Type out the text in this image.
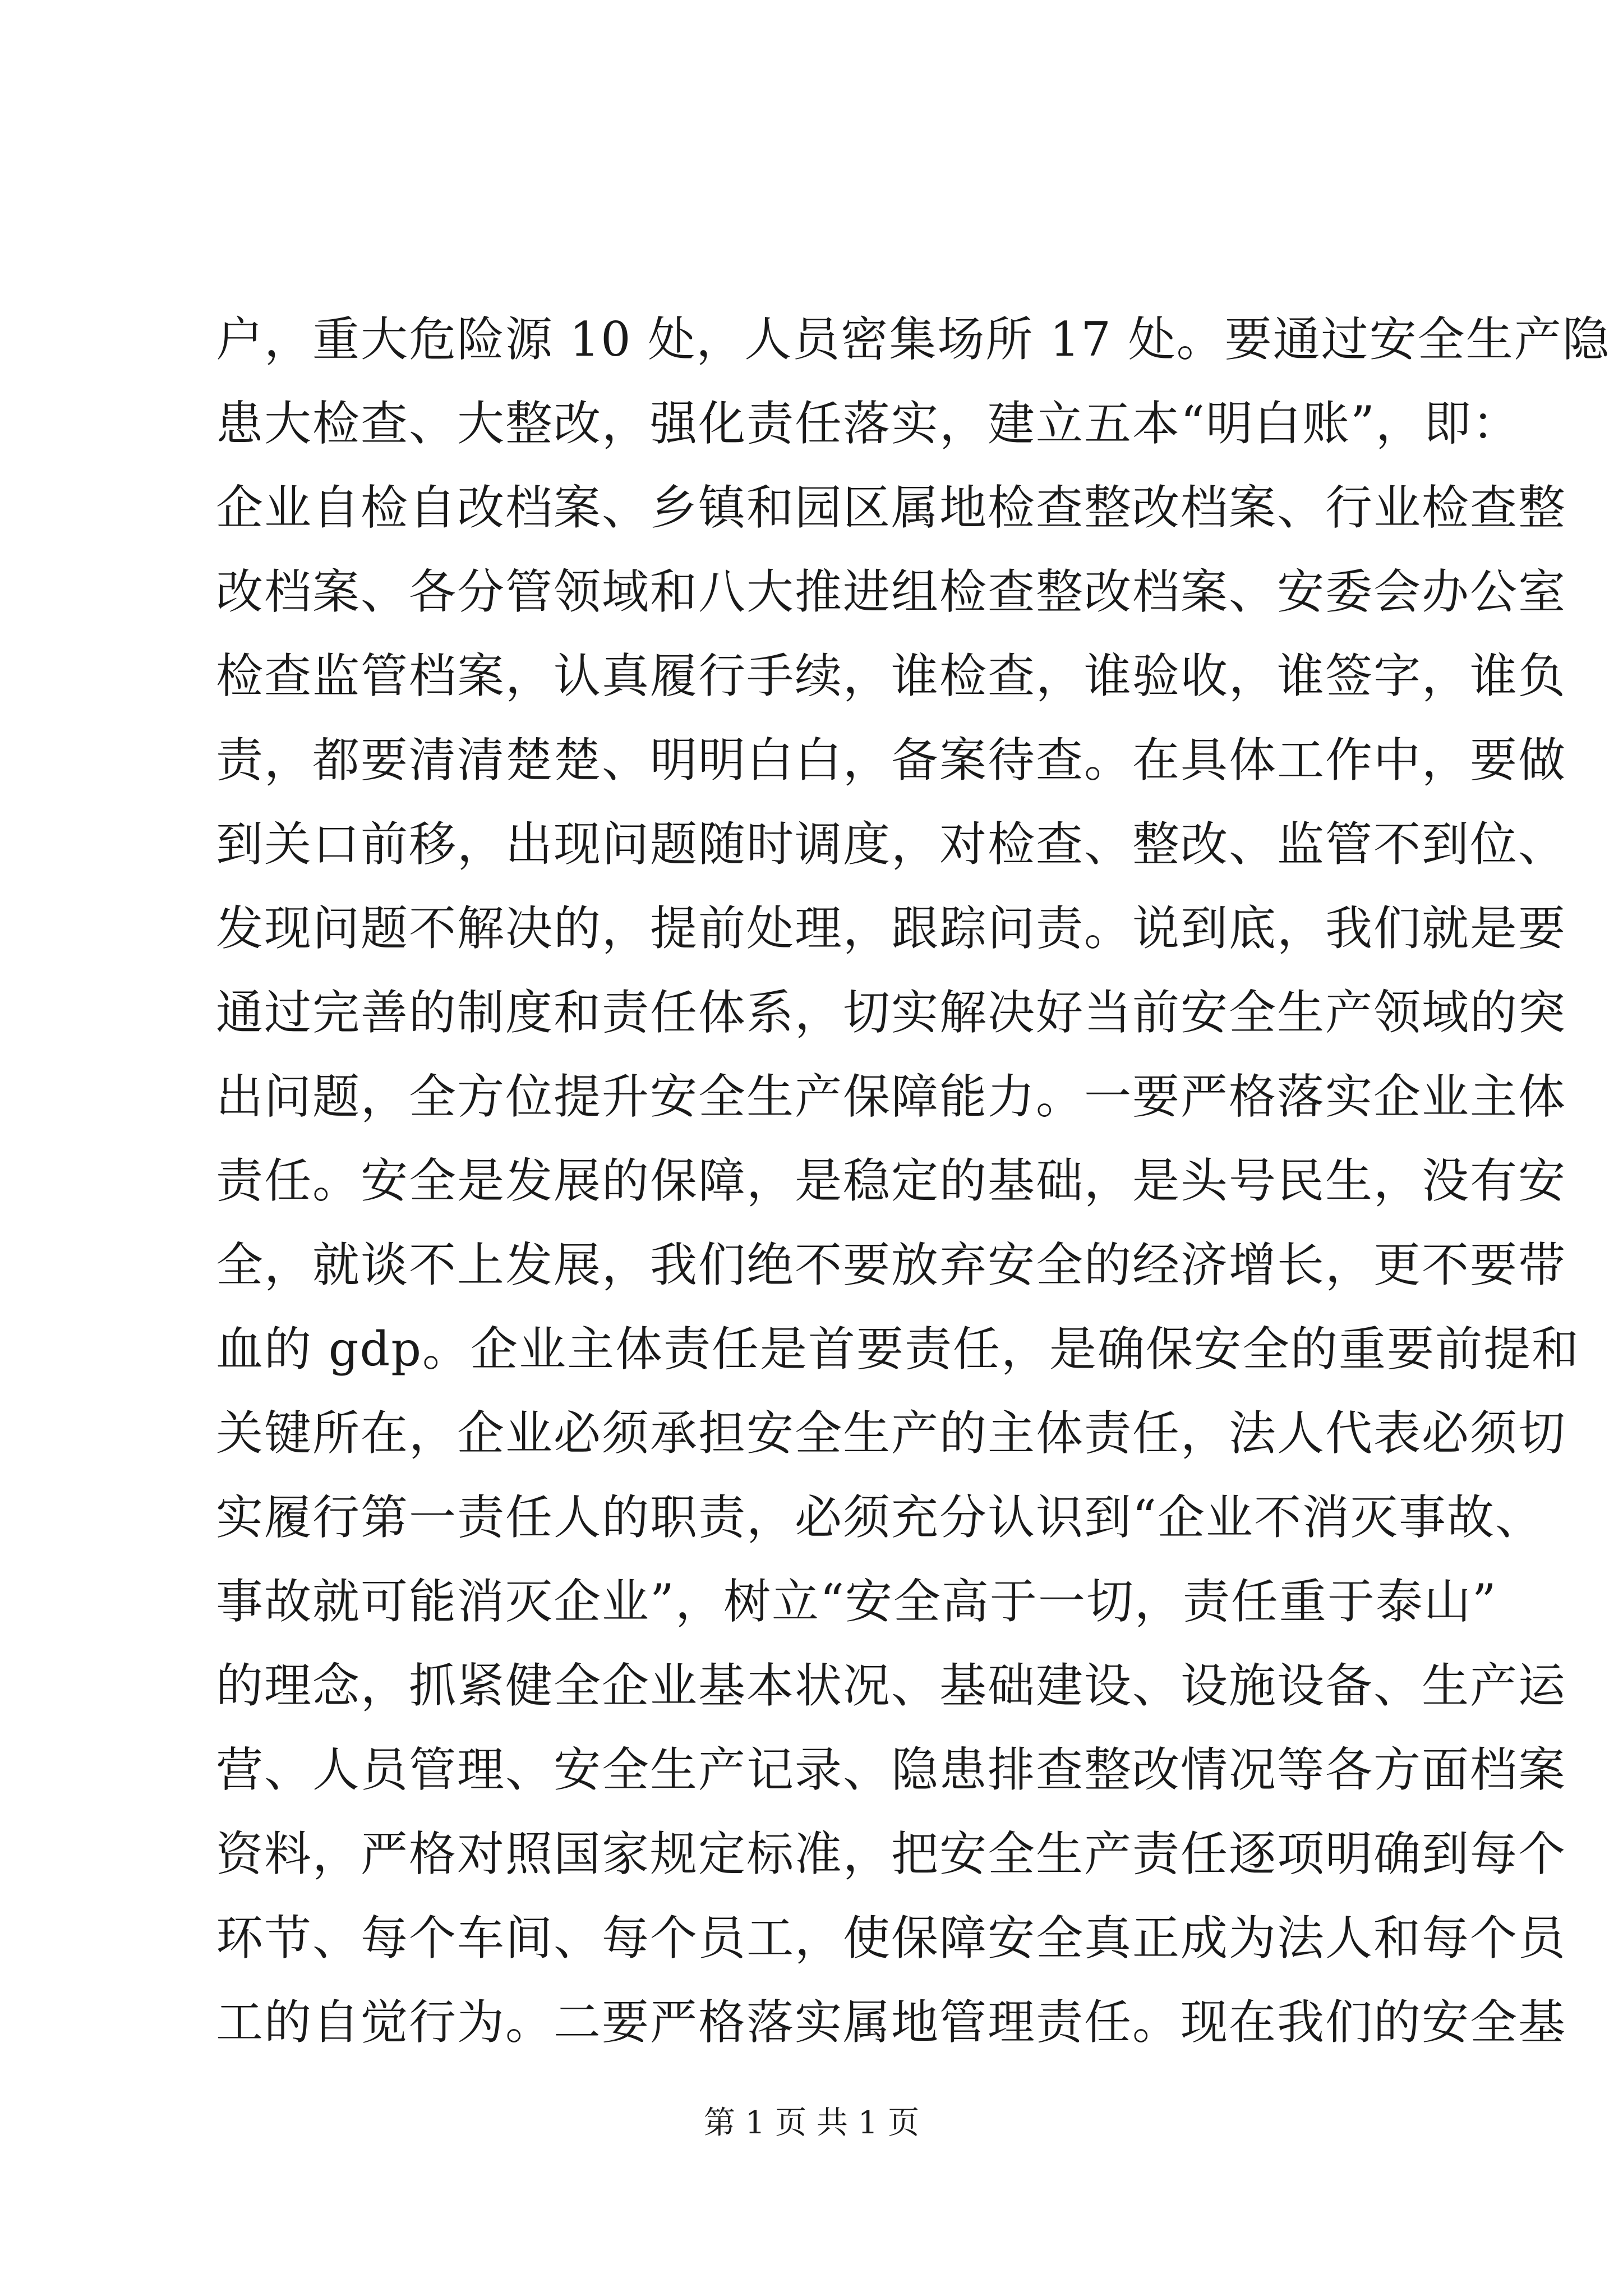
户，重大危险源 10 处，人员密集场所 17 处。要通过安全生产隐
患大检查、大整改，强化责任落实，建立五本“明白账”，即：
企业自检自改档案、乡镇和园区属地检查整改档案、行业检查整
改档案、各分管领域和八大推进组检查整改档案、安委会办公室
检查监管档案，认真履行手续，谁检查，谁验收，谁签字，谁负
责，都要清清楚楚、明明白白，备案待查。在具体工作中，要做
到关口前移，出现问题随时调度，对检查、整改、监管不到位、
发现问题不解决的，提前处理，跟踪问责。说到底，我们就是要
通过完善的制度和责任体系，切实解决好当前安全生产领域的突
出问题，全方位提升安全生产保障能力。一要严格落实企业主体
责任。安全是发展的保障，是稳定的基础，是头号民生，没有安
全，就谈不上发展，我们绝不要放弃安全的经济增长，更不要带
血的 gdp。企业主体责任是首要责任，是确保安全的重要前提和
关键所在，企业必须承担安全生产的主体责任，法人代表必须切
实履行第一责任人的职责，必须充分认识到“企业不消灭事故、
事故就可能消灭企业”，树立“安全高于一切，责任重于泰山”
的理念，抓紧健全企业基本状况、基础建设、设施设备、生产运
营、人员管理、安全生产记录、隐患排查整改情况等各方面档案
资料，严格对照国家规定标准，把安全生产责任逐项明确到每个
环节、每个车间、每个员工，使保障安全真正成为法人和每个员
工的自觉行为。二要严格落实属地管理责任。现在我们的安全基
第 1 页 共 1 页
